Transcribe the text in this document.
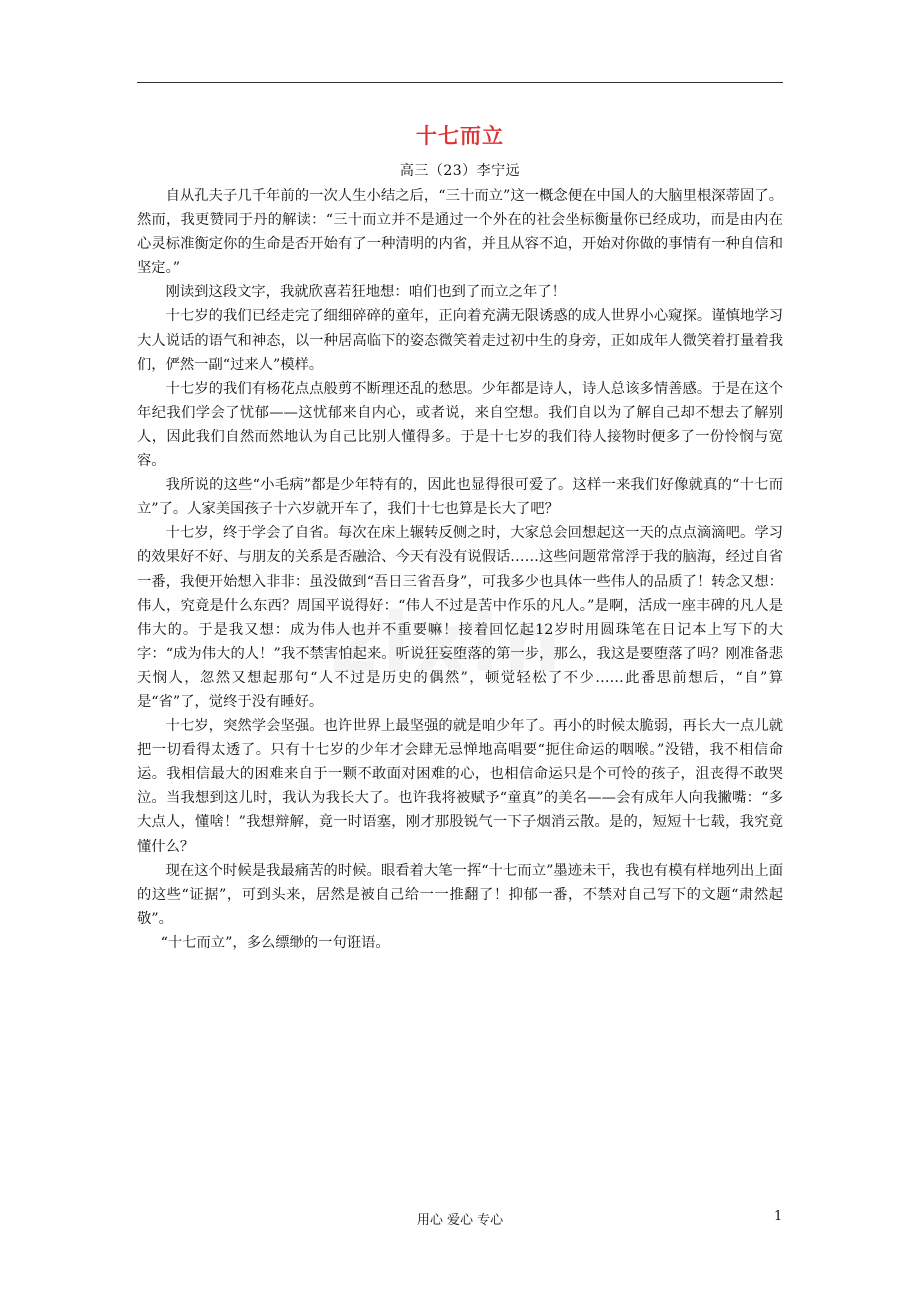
十七而立
高三（23）李宁远

自从孔夫子几千年前的一次人生小结之后，“三十而立”这一概念便在中国人的大脑里根深蒂固了。然而，我更赞同于丹的解读：“三十而立并不是通过一个外在的社会坐标衡量你已经成功，而是由内在心灵标准衡定你的生命是否开始有了一种清明的内省，并且从容不迫，开始对你做的事情有一种自信和坚定。”

刚读到这段文字，我就欣喜若狂地想：咱们也到了而立之年了！

十七岁的我们已经走完了细细碎碎的童年，正向着充满无限诱惑的成人世界小心窥探。谨慎地学习大人说话的语气和神态，以一种居高临下的姿态微笑着走过初中生的身旁，正如成年人微笑着打量着我们，俨然一副“过来人”模样。

十七岁的我们有杨花点点般剪不断理还乱的愁思。少年都是诗人，诗人总该多情善感。于是在这个年纪我们学会了忧郁——这忧郁来自内心，或者说，来自空想。我们自以为了解自己却不想去了解别人，因此我们自然而然地认为自己比别人懂得多。于是十七岁的我们待人接物时便多了一份怜悯与宽容。

我所说的这些“小毛病”都是少年特有的，因此也显得很可爱了。这样一来我们好像就真的“十七而立”了。人家美国孩子十六岁就开车了，我们十七也算是长大了吧？

十七岁，终于学会了自省。每次在床上辗转反侧之时，大家总会回想起这一天的点点滴滴吧。学习的效果好不好、与朋友的关系是否融洽、今天有没有说假话……这些问题常常浮于我的脑海，经过自省一番，我便开始想入非非：虽没做到“吾日三省吾身”，可我多少也具体一些伟人的品质了！转念又想：伟人，究竟是什么东西？周国平说得好：“伟人不过是苦中作乐的凡人。”是啊，活成一座丰碑的凡人是伟大的。于是我又想：成为伟人也并不重要嘛！接着回忆起12岁时用圆珠笔在日记本上写下的大字：“成为伟大的人！”我不禁害怕起来。听说狂妄堕落的第一步，那么，我这是要堕落了吗？刚准备悲天悯人，忽然又想起那句“人不过是历史的偶然”，顿觉轻松了不少……此番思前想后，“自”算是“省”了，觉终于没有睡好。

十七岁，突然学会坚强。也许世界上最坚强的就是咱少年了。再小的时候太脆弱，再长大一点儿就把一切看得太透了。只有十七岁的少年才会肆无忌惮地高唱要“扼住命运的咽喉。”没错，我不相信命运。我相信最大的困难来自于一颗不敢面对困难的心，也相信命运只是个可怜的孩子，沮丧得不敢哭泣。当我想到这儿时，我认为我长大了。也许我将被赋予“童真”的美名——会有成年人向我撇嘴：“多大点人，懂啥！”我想辩解，竟一时语塞，刚才那股锐气一下子烟消云散。是的，短短十七载，我究竟懂什么？

现在这个时候是我最痛苦的时候。眼看着大笔一挥“十七而立”墨迹未干，我也有模有样地列出上面的这些“证据”，可到头来，居然是被自己给一一推翻了！抑郁一番，不禁对自己写下的文题“肃然起敬”。

“十七而立”，多么缥缈的一句诳语。

用心 爱心 专心	1
